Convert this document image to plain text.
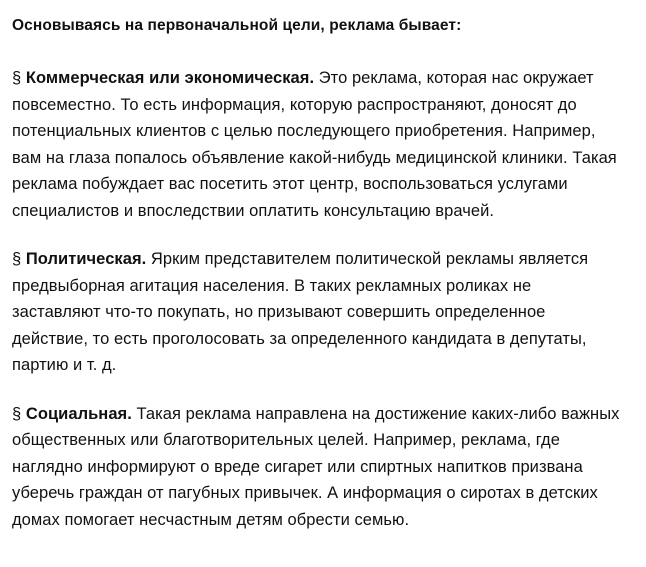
Основываясь на первоначальной цели, реклама бывает:

§ Коммерческая или экономическая. Это реклама, которая нас окружает повсеместно. То есть информация, которую распространяют, доносят до потенциальных клиентов с целью последующего приобретения. Например, вам на глаза попалось объявление какой-нибудь медицинской клиники. Такая реклама побуждает вас посетить этот центр, воспользоваться услугами специалистов и впоследствии оплатить консультацию врачей.

§ Политическая. Ярким представителем политической рекламы является предвыборная агитация населения. В таких рекламных роликах не заставляют что-то покупать, но призывают совершить определенное действие, то есть проголосовать за определенного кандидата в депутаты, партию и т. д.

§ Социальная. Такая реклама направлена на достижение каких-либо важных общественных или благотворительных целей. Например, реклама, где наглядно информируют о вреде сигарет или спиртных напитков призвана уберечь граждан от пагубных привычек. А информация о сиротах в детских домах помогает несчастным детям обрести семью.
